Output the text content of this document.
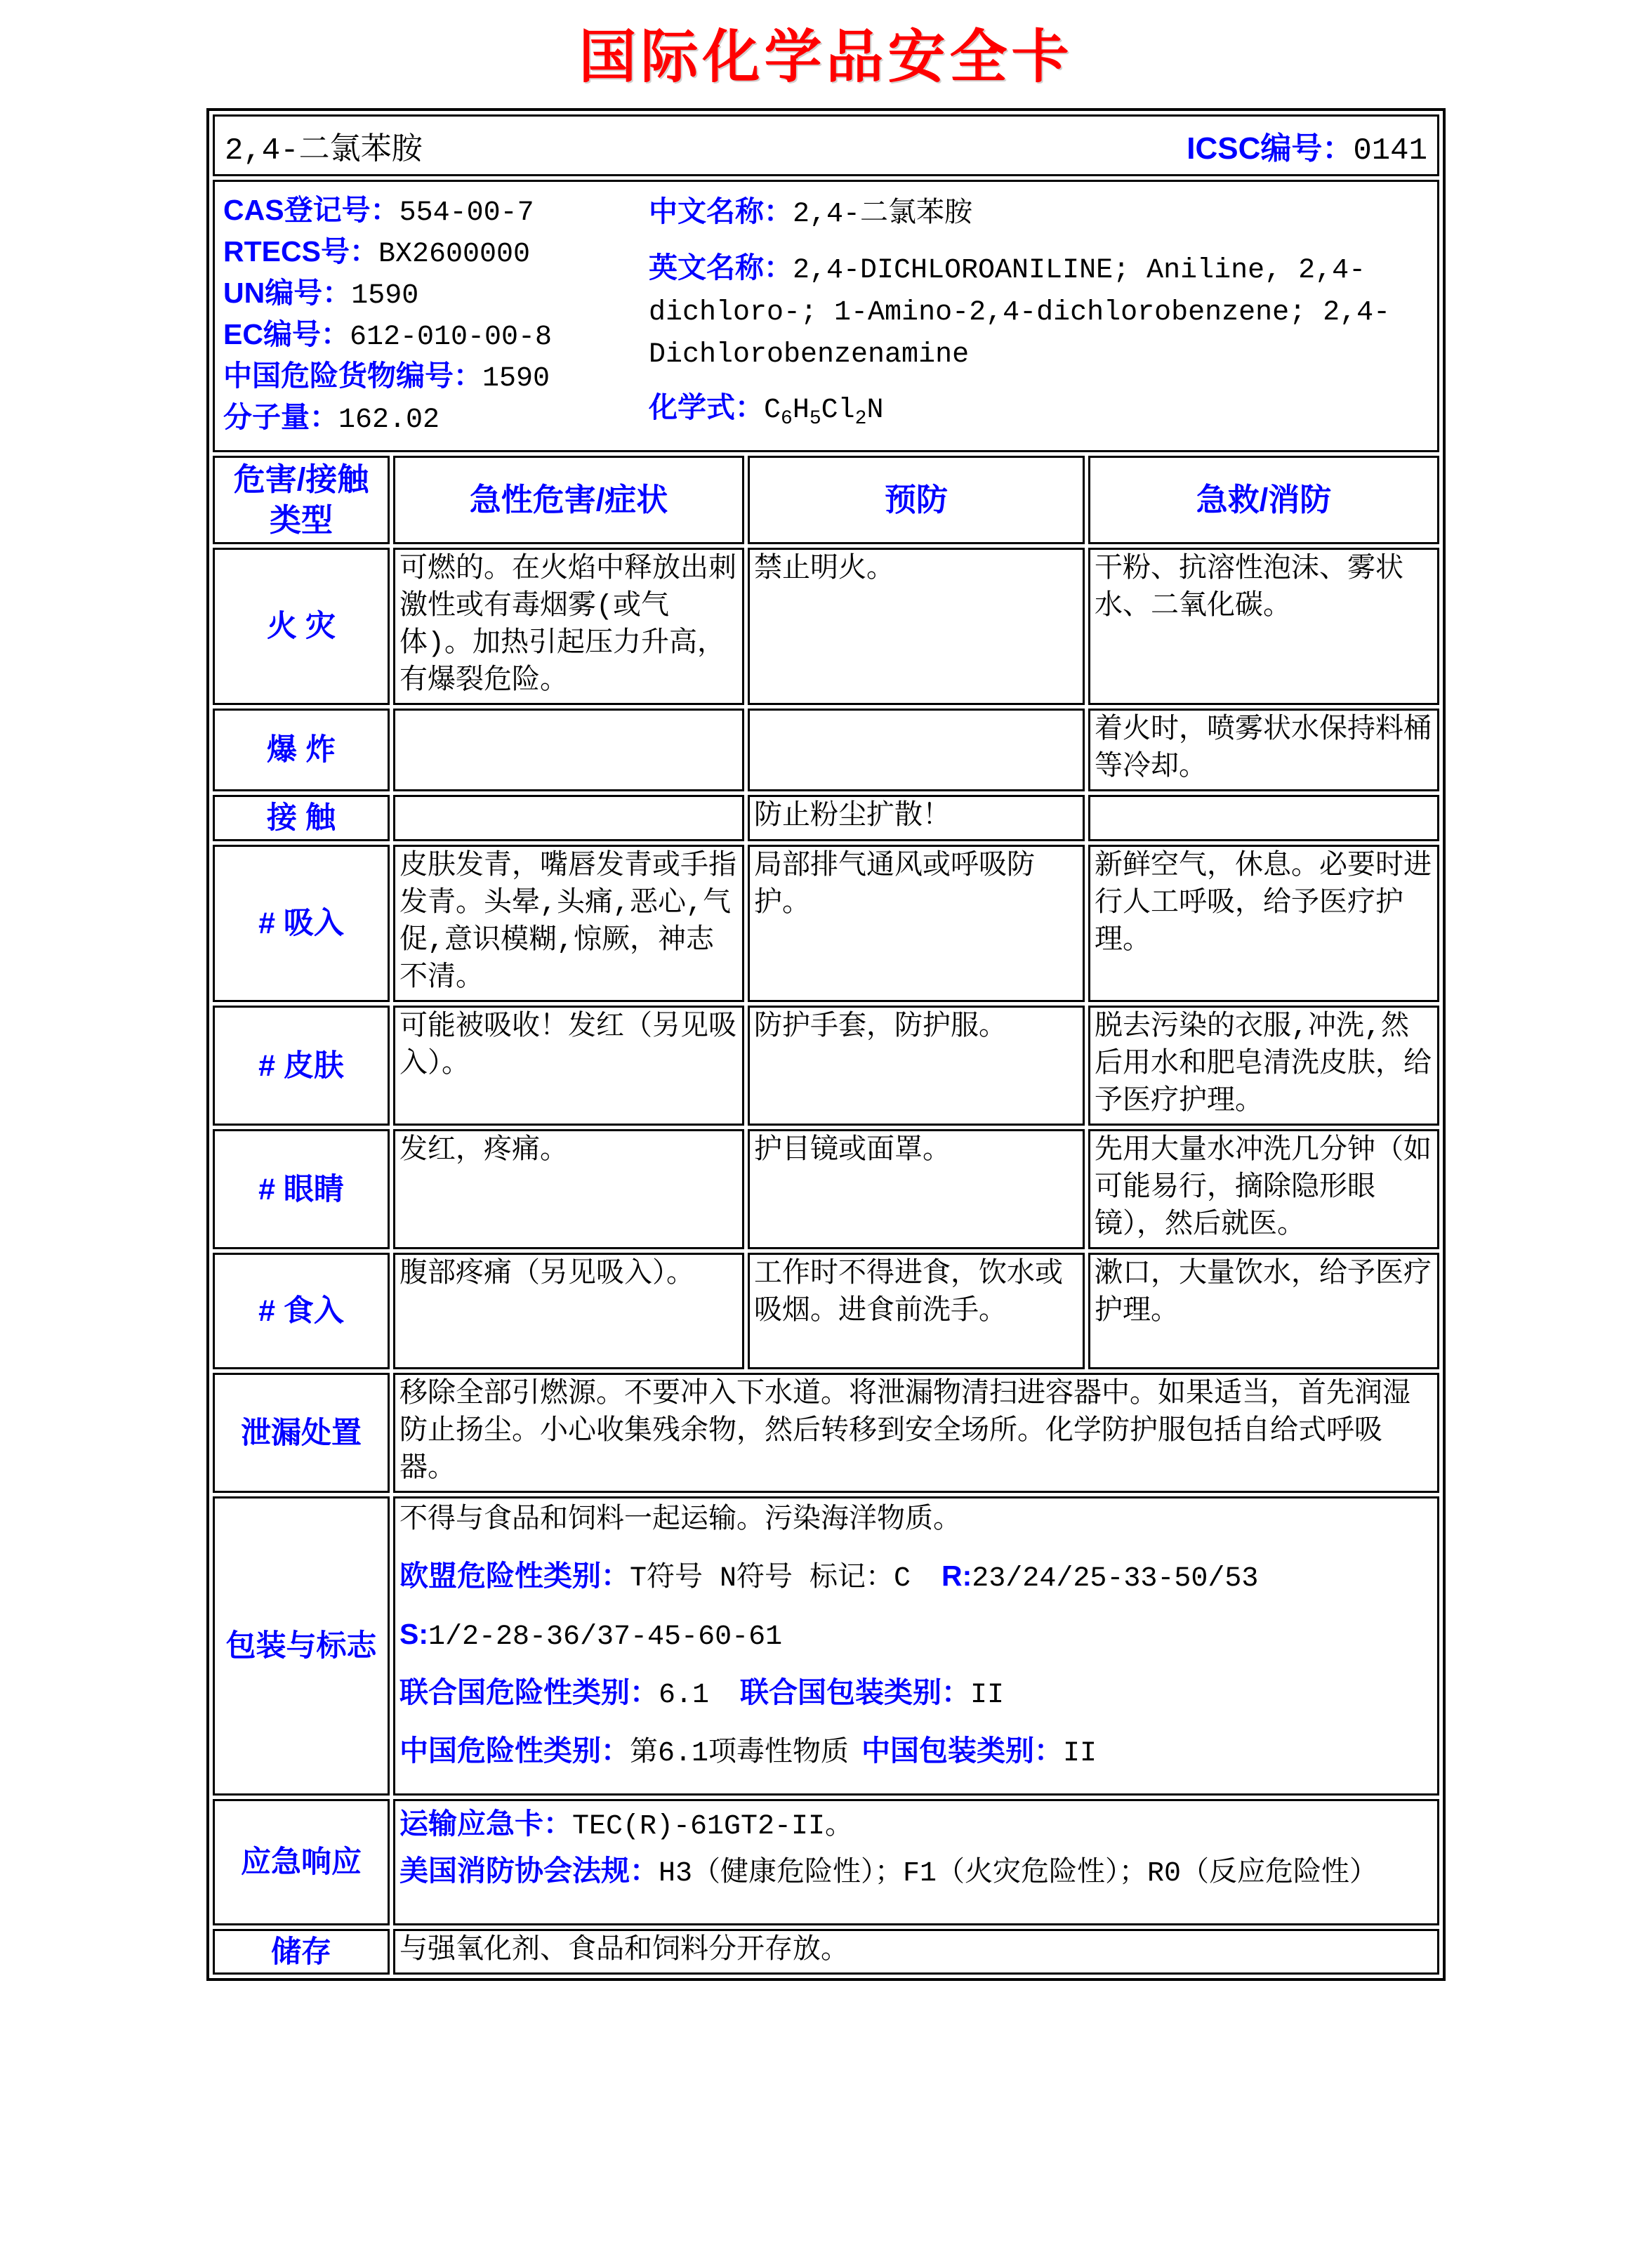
国际化学品安全卡
2,4-二氯苯胺 ICSC编号：0141			

CAS登记号：554-00-7
RTECS号：BX2600000
UN编号：1590
EC编号：612-010-00-8
中国危险货物编号：1590
分子量：162.02
中文名称：2,4-二氯苯胺
英文名称：2,4-DICHLOROANILINE; Aniline, 2,4-dichloro-; 1-Amino-2,4-dichlorobenzene; 2,4-Dichlorobenzenamine
化学式：$C_6H_5Cl_2N$

危害/接触 类型	急性危害/症状	预防	急救/消防
火 灾	可燃的。在火焰中释放出刺激性或有毒烟雾(或气体)。加热引起压力升高，有爆裂危险。	禁止明火。	干粉、抗溶性泡沫、雾状水、二氧化碳。
爆 炸			着火时，喷雾状水保持料桶等冷却。
接 触		防止粉尘扩散！	
# 吸入	皮肤发青，嘴唇发青或手指发青。头晕,头痛,恶心,气促,意识模糊,惊厥，神志不清。	局部排气通风或呼吸防护。	新鲜空气，休息。必要时进行人工呼吸，给予医疗护理。
# 皮肤	可能被吸收！发红（另见吸入）。	防护手套，防护服。	脱去污染的衣服,冲洗,然后用水和肥皂清洗皮肤，给予医疗护理。
# 眼睛	发红，疼痛。	护目镜或面罩。	先用大量水冲洗几分钟（如可能易行，摘除隐形眼镜），然后就医。
# 食入	腹部疼痛（另见吸入）。	工作时不得进食，饮水或吸烟。进食前洗手。	漱口，大量饮水，给予医疗护理。
泄漏处置	移除全部引燃源。不要冲入下水道。将泄漏物清扫进容器中。如果适当，首先润湿防止扬尘。小心收集残余物，然后转移到安全场所。化学防护服包括自给式呼吸器。		
包装与标志	不得与食品和饲料一起运输。污染海洋物质。
欧盟危险性类别：T符号 N符号 标记：C R:23/24/25-33-50/53
S:1/2-28-36/37-45-60-61
联合国危险性类别：6.1 联合国包装类别：II
中国危险性类别：第6.1项毒性物质 中国包装类别：II		

应急响应	运输应急卡：TEC(R)-61GT2-II。
美国消防协会法规：H3（健康危险性）；F1（火灾危险性）；R0（反应危险性）		

储存	与强氧化剂、食品和饲料分开存放。		
